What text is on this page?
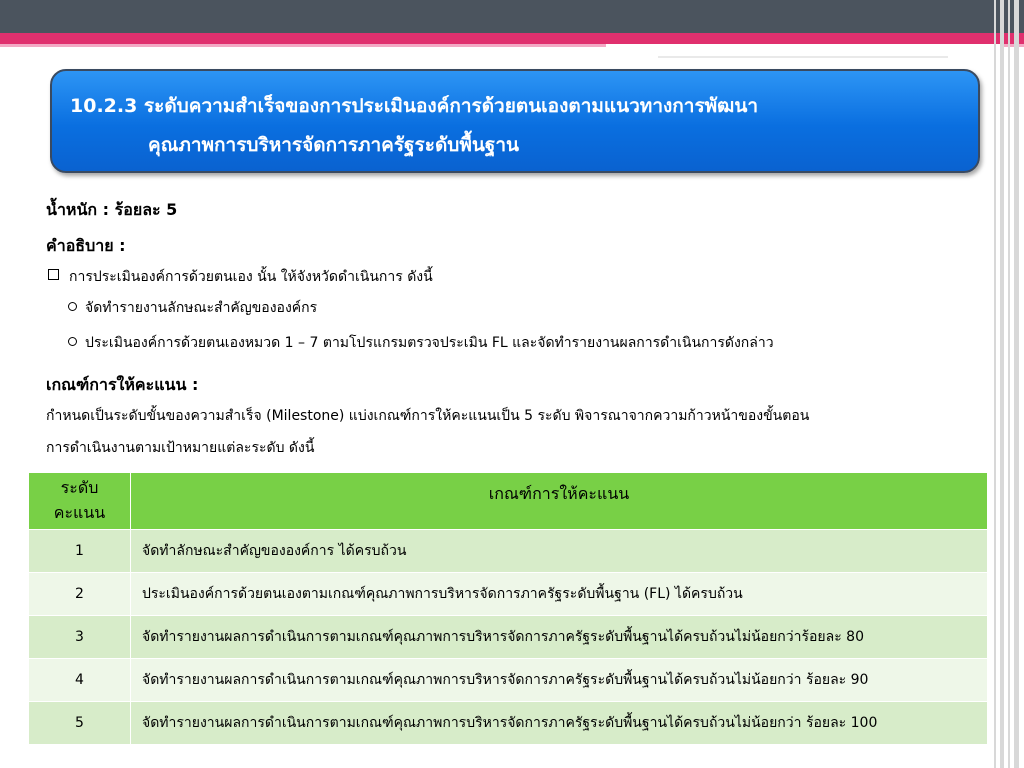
10.2.3 ระดับความสำเร็จของการประเมินองค์การด้วยตนเองตามแนวทางการพัฒนา
คุณภาพการบริหารจัดการภาครัฐระดับพื้นฐาน
น้ำหนัก : ร้อยละ 5
คำอธิบาย :
การประเมินองค์การด้วยตนเอง นั้น ให้จังหวัดดำเนินการ ดังนี้
จัดทำรายงานลักษณะสำคัญขององค์กร
ประเมินองค์การด้วยตนเองหมวด 1 – 7 ตามโปรแกรมตรวจประเมิน FL และจัดทำรายงานผลการดำเนินการดังกล่าว
เกณฑ์การให้คะแนน :
กำหนดเป็นระดับขั้นของความสำเร็จ (Milestone) แบ่งเกณฑ์การให้คะแนนเป็น 5 ระดับ พิจารณาจากความก้าวหน้าของขั้นตอน
การดำเนินงานตามเป้าหมายแต่ละระดับ ดังนี้
ระดับ
คะแนน	เกณฑ์การให้คะแนน
1	จัดทำลักษณะสำคัญขององค์การ ได้ครบถ้วน
2	ประเมินองค์การด้วยตนเองตามเกณฑ์คุณภาพการบริหารจัดการภาครัฐระดับพื้นฐาน (FL) ได้ครบถ้วน
3	จัดทำรายงานผลการดำเนินการตามเกณฑ์คุณภาพการบริหารจัดการภาครัฐระดับพื้นฐานได้ครบถ้วนไม่น้อยกว่าร้อยละ 80
4	จัดทำรายงานผลการดำเนินการตามเกณฑ์คุณภาพการบริหารจัดการภาครัฐระดับพื้นฐานได้ครบถ้วนไม่น้อยกว่า ร้อยละ 90
5	จัดทำรายงานผลการดำเนินการตามเกณฑ์คุณภาพการบริหารจัดการภาครัฐระดับพื้นฐานได้ครบถ้วนไม่น้อยกว่า ร้อยละ 100
